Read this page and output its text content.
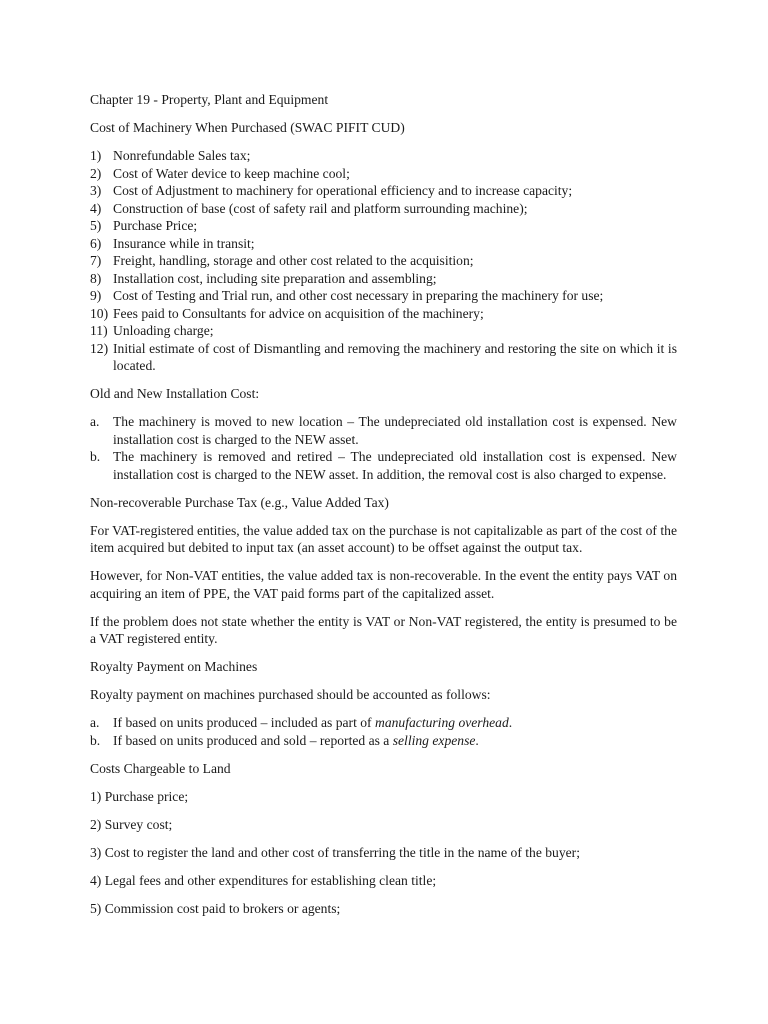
Chapter 19 - Property, Plant and Equipment

Cost of Machinery When Purchased (SWAC PIFIT CUD)

1) Nonrefundable Sales tax;
2) Cost of Water device to keep machine cool;
3) Cost of Adjustment to machinery for operational efficiency and to increase capacity;
4) Construction of base (cost of safety rail and platform surrounding machine);
5) Purchase Price;
6) Insurance while in transit;
7) Freight, handling, storage and other cost related to the acquisition;
8) Installation cost, including site preparation and assembling;
9) Cost of Testing and Trial run, and other cost necessary in preparing the machinery for use;
10) Fees paid to Consultants for advice on acquisition of the machinery;
11) Unloading charge;
12) Initial estimate of cost of Dismantling and removing the machinery and restoring the site on which it is located.

Old and New Installation Cost:

a. The machinery is moved to new location – The undepreciated old installation cost is expensed. New installation cost is charged to the NEW asset.
b. The machinery is removed and retired – The undepreciated old installation cost is expensed. New installation cost is charged to the NEW asset. In addition, the removal cost is also charged to expense.

Non-recoverable Purchase Tax (e.g., Value Added Tax)

For VAT-registered entities, the value added tax on the purchase is not capitalizable as part of the cost of the item acquired but debited to input tax (an asset account) to be offset against the output tax.

However, for Non-VAT entities, the value added tax is non-recoverable. In the event the entity pays VAT on acquiring an item of PPE, the VAT paid forms part of the capitalized asset.

If the problem does not state whether the entity is VAT or Non-VAT registered, the entity is presumed to be a VAT registered entity.

Royalty Payment on Machines

Royalty payment on machines purchased should be accounted as follows:

a. If based on units produced – included as part of manufacturing overhead.
b. If based on units produced and sold – reported as a selling expense.

Costs Chargeable to Land

1) Purchase price;

2) Survey cost;

3) Cost to register the land and other cost of transferring the title in the name of the buyer;

4) Legal fees and other expenditures for establishing clean title;

5) Commission cost paid to brokers or agents;
